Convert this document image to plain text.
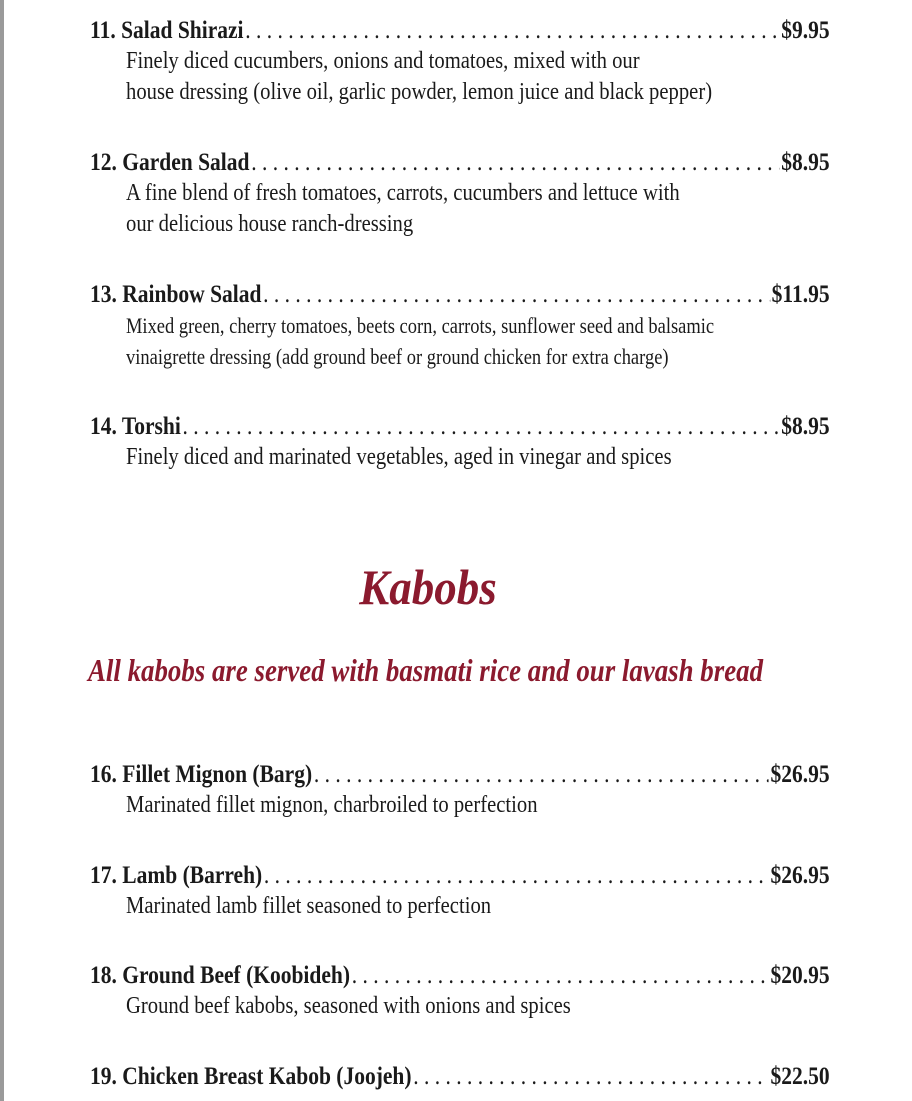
11. Salad Shirazi . . .	$9.95
Finely diced cucumbers, onions and tomatoes, mixed with our
house dressing (olive oil, garlic powder, lemon juice and black pepper)
12. Garden Salad . . .	$8.95
A fine blend of fresh tomatoes, carrots, cucumbers and lettuce with
our delicious house ranch-dressing
13. Rainbow Salad . . .	$11.95
Mixed green, cherry tomatoes, beets corn, carrots, sunflower seed and balsamic
vinaigrette dressing (add ground beef or ground chicken for extra charge)
14. Torshi . . .	$8.95
Finely diced and marinated vegetables, aged in vinegar and spices
Kabobs
All kabobs are served with basmati rice and our lavash bread
16. Fillet Mignon (Barg) . . .	$26.95
Marinated fillet mignon, charbroiled to perfection
17. Lamb (Barreh) . . .	$26.95
Marinated lamb fillet seasoned to perfection
18. Ground Beef (Koobideh) . . .	$20.95
Ground beef kabobs, seasoned with onions and spices
19. Chicken Breast Kabob (Joojeh) . . .	$22.50
